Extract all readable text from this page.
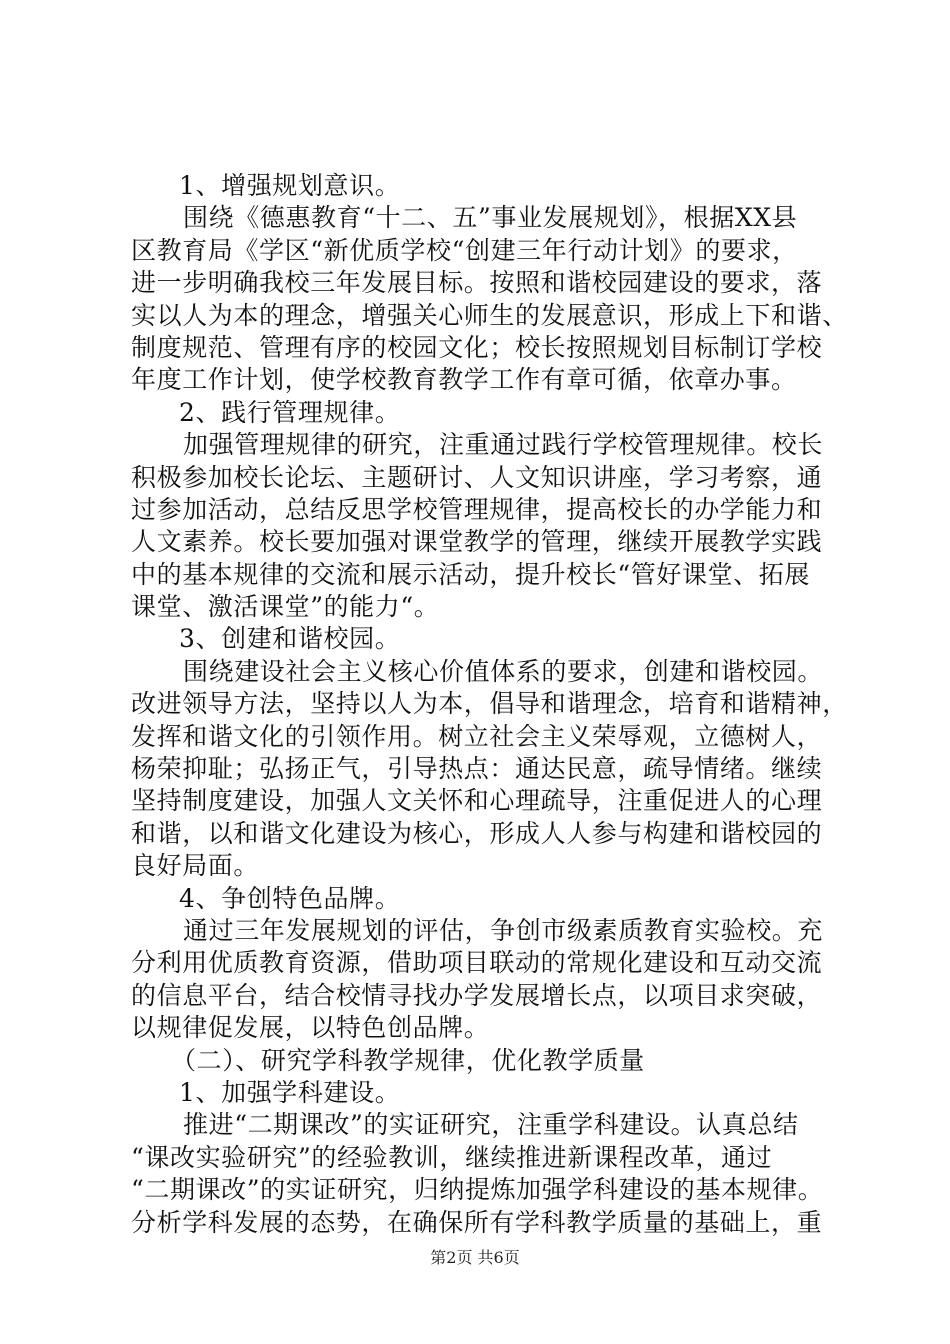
1、增强规划意识。
围绕《德惠教育“十二、五”事业发展规划》，根据XX县
区教育局《学区“新优质学校“创建三年行动计划》的要求，
进一步明确我校三年发展目标。按照和谐校园建设的要求，落
实以人为本的理念，增强关心师生的发展意识，形成上下和谐、
制度规范、管理有序的校园文化；校长按照规划目标制订学校
年度工作计划，使学校教育教学工作有章可循，依章办事。
2、践行管理规律。
加强管理规律的研究，注重通过践行学校管理规律。校长
积极参加校长论坛、主题研讨、人文知识讲座，学习考察，通
过参加活动，总结反思学校管理规律，提高校长的办学能力和
人文素养。校长要加强对课堂教学的管理，继续开展教学实践
中的基本规律的交流和展示活动，提升校长“管好课堂、拓展
课堂、激活课堂”的能力“。
3、创建和谐校园。
围绕建设社会主义核心价值体系的要求，创建和谐校园。
改进领导方法，坚持以人为本，倡导和谐理念，培育和谐精神，
发挥和谐文化的引领作用。树立社会主义荣辱观，立德树人，
杨荣抑耻；弘扬正气，引导热点：通达民意，疏导情绪。继续
坚持制度建设，加强人文关怀和心理疏导，注重促进人的心理
和谐，以和谐文化建设为核心，形成人人参与构建和谐校园的
良好局面。
4、争创特色品牌。
通过三年发展规划的评估，争创市级素质教育实验校。充
分利用优质教育资源，借助项目联动的常规化建设和互动交流
的信息平台，结合校情寻找办学发展增长点，以项目求突破，
以规律促发展，以特色创品牌。
（二）、研究学科教学规律，优化教学质量
1、加强学科建设。
推进“二期课改”的实证研究，注重学科建设。认真总结
“课改实验研究”的经验教训，继续推进新课程改革，通过
“二期课改”的实证研究，归纳提炼加强学科建设的基本规律。
分析学科发展的态势，在确保所有学科教学质量的基础上，重
第2页 共6页
